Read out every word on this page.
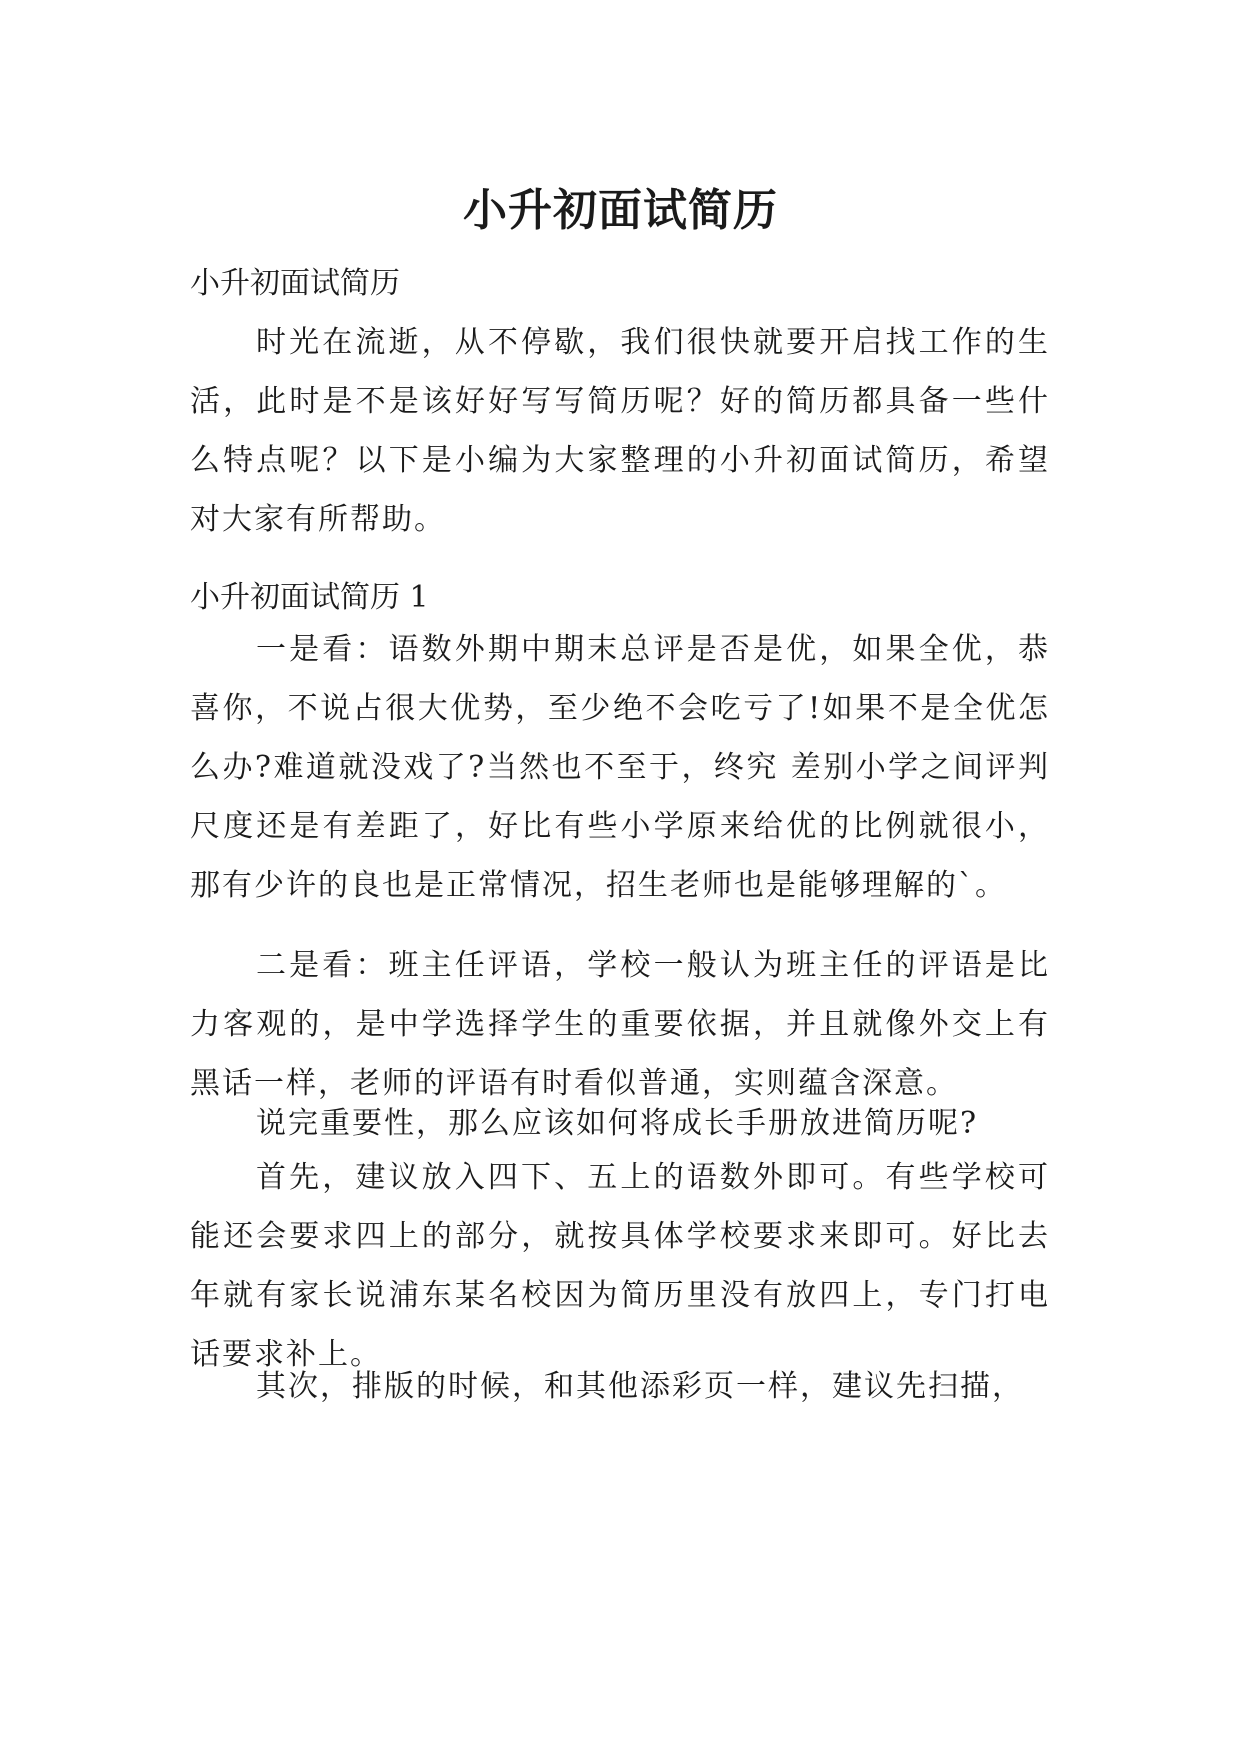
小升初面试简历

小升初面试简历

时光在流逝，从不停歇，我们很快就要开启找工作的生活，此时是不是该好好写写简历呢？好的简历都具备一些什么特点呢？以下是小编为大家整理的小升初面试简历，希望对大家有所帮助。

小升初面试简历 1

一是看：语数外期中期末总评是否是优，如果全优，恭喜你，不说占很大优势，至少绝不会吃亏了!如果不是全优怎么办?难道就没戏了?当然也不至于，终究 差别小学之间评判尺度还是有差距了，好比有些小学原来给优的比例就很小，那有少许的良也是正常情况，招生老师也是能够理解的`。

二是看：班主任评语，学校一般认为班主任的评语是比力客观的，是中学选择学生的重要依据，并且就像外交上有黑话一样，老师的评语有时看似普通，实则蕴含深意。

说完重要性，那么应该如何将成长手册放进简历呢?

首先，建议放入四下、五上的语数外即可。有些学校可能还会要求四上的部分，就按具体学校要求来即可。好比去年就有家长说浦东某名校因为简历里没有放四上，专门打电话要求补上。

其次，排版的时候，和其他添彩页一样，建议先扫描，
